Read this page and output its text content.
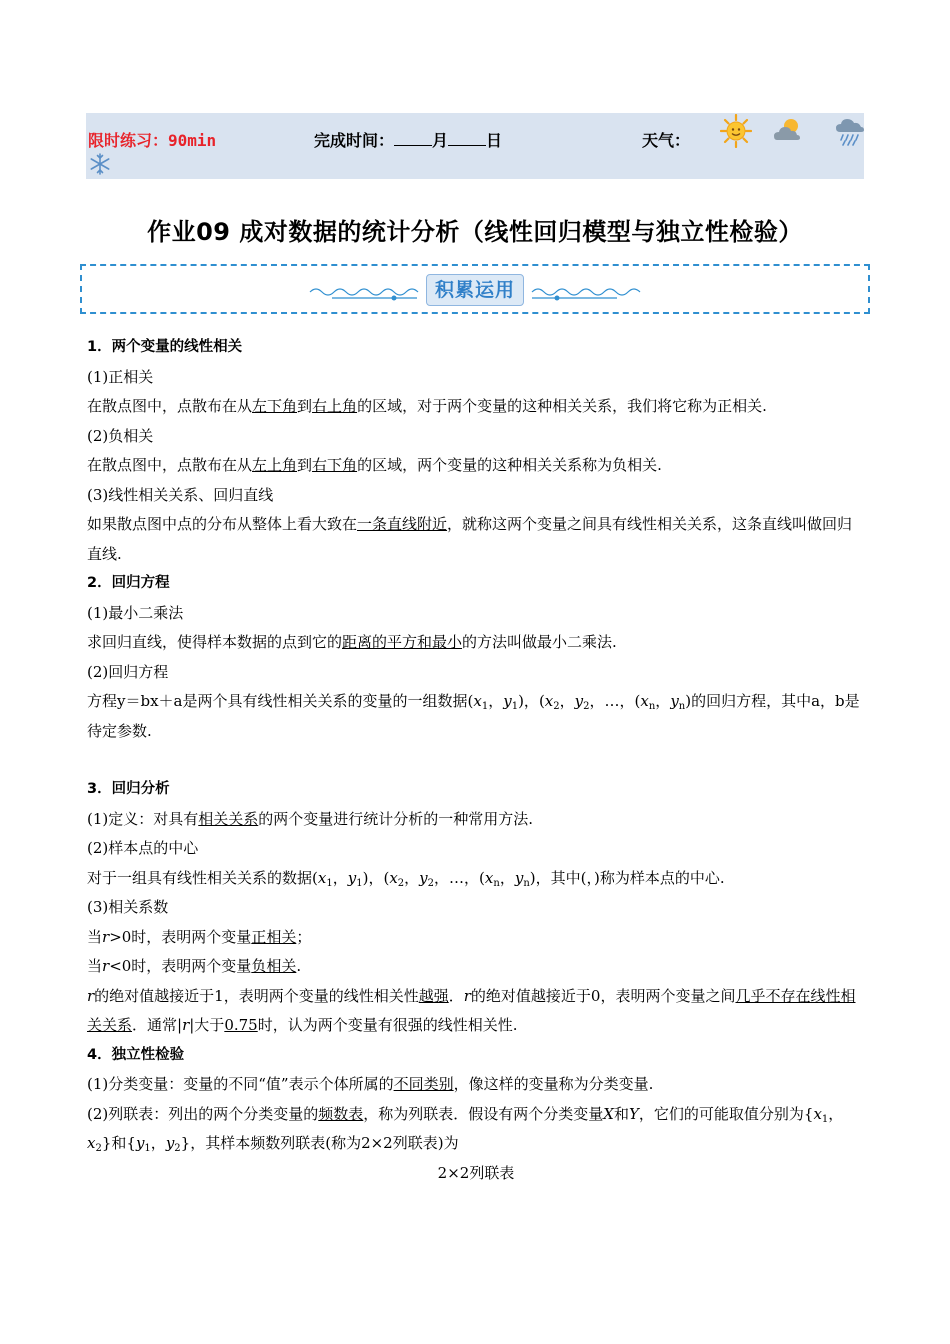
限时练习：90min	完成时间： 月 日	天气：
作业09 成对数据的统计分析（线性回归模型与独立性检验）
积累运用

1．两个变量的线性相关

(1)正相关

在散点图中，点散布在从左下角到右上角的区域，对于两个变量的这种相关关系，我们将它称为正相关.

(2)负相关

在散点图中，点散布在从左上角到右下角的区域，两个变量的这种相关关系称为负相关.

(3)线性相关关系、回归直线

如果散点图中点的分布从整体上看大致在一条直线附近，就称这两个变量之间具有线性相关关系，这条直线叫做回归直线.

2．回归方程

(1)最小二乘法

求回归直线，使得样本数据的点到它的距离的平方和最小的方法叫做最小二乘法.

(2)回归方程

方程y＝bx＋a是两个具有线性相关关系的变量的一组数据($x_1$，$y_1$)，($x_2$，$y_2$，…，($x_n$，$y_n$)的回归方程，其中a，b是待定参数.

3．回归分析

(1)定义：对具有相关关系的两个变量进行统计分析的一种常用方法.

(2)样本点的中心

对于一组具有线性相关关系的数据($x_1$，$y_1$)，($x_2$，$y_2$，…，($x_n$，$y_n$)，其中(，)称为样本点的中心.

(3)相关系数

当r>0时，表明两个变量正相关；

当r<0时，表明两个变量负相关.

r的绝对值越接近于1，表明两个变量的线性相关性越强．r的绝对值越接近于0，表明两个变量之间几乎不存在线性相关关系．通常|r|大于0.75时，认为两个变量有很强的线性相关性.

4．独立性检验

(1)分类变量：变量的不同“值”表示个体所属的不同类别，像这样的变量称为分类变量.

(2)列联表：列出的两个分类变量的频数表，称为列联表．假设有两个分类变量X和Y，它们的可能取值分别为{$x_1$，$x_2$}和{$y_1$，$y_2$}，其样本频数列联表(称为2×2列联表)为

2×2列联表
